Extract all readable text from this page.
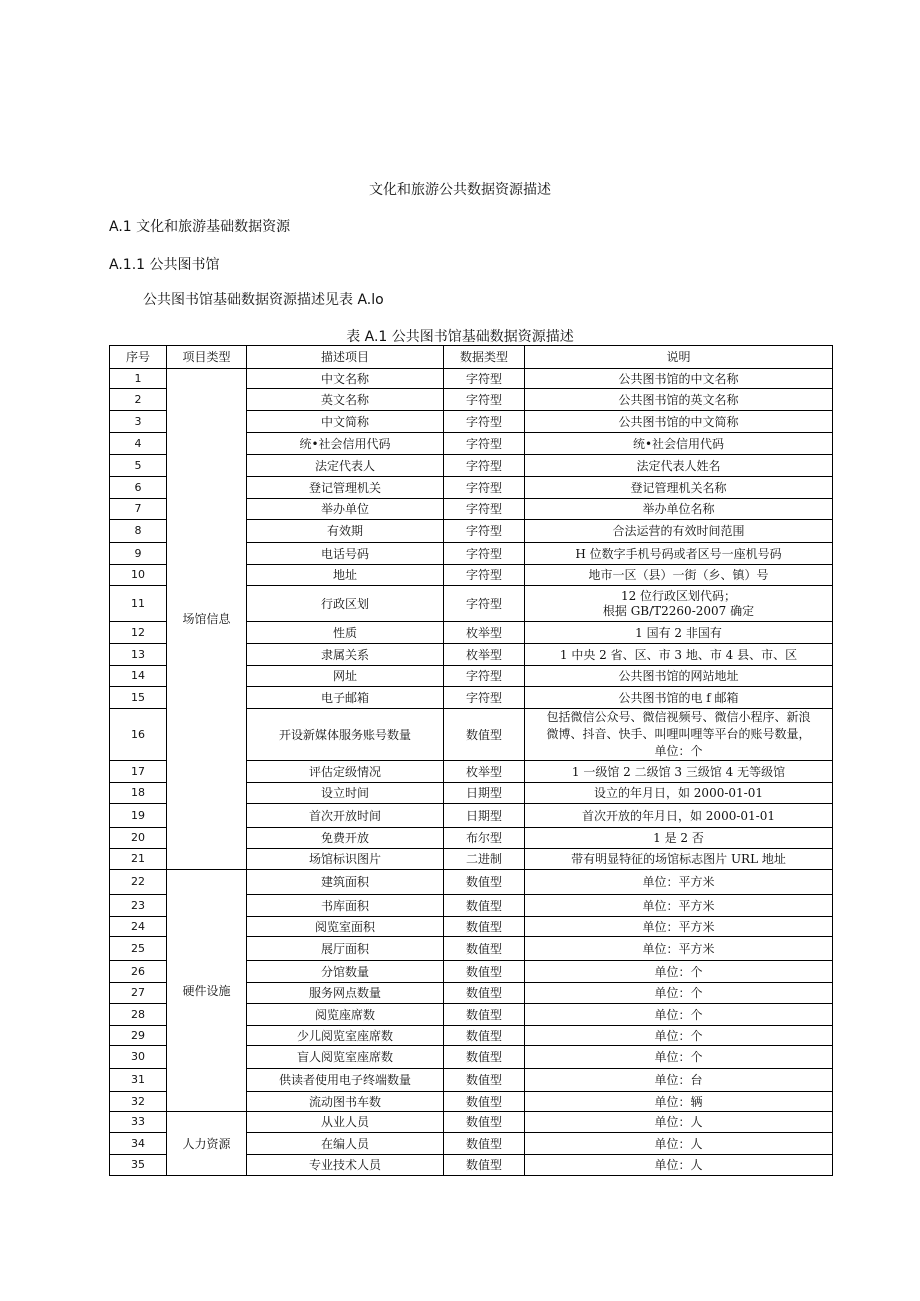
文化和旅游公共数据资源描述
A.1 文化和旅游基础数据资源
A.1.1 公共图书馆
公共图书馆基础数据资源描述见表 A.lo
表 A.1 公共图书馆基础数据资源描述
序号	项目类型	描述项目	数据类型	说明
1	场馆信息	中文名称	字符型	公共图书馆的中文名称
2		英文名称	字符型	公共图书馆的英文名称
3		中文简称	字符型	公共图书馆的中文简称
4		统•社会信用代码	字符型	统•社会信用代码
5		法定代表人	字符型	法定代表人姓名
6		登记管理机关	字符型	登记管理机关名称
7		举办单位	字符型	举办单位名称
8		有效期	字符型	合法运营的有效时间范围
9		电话号码	字符型	H 位数字手机号码或者区号一座机号码
10		地址	字符型	地市一区（县）一街（乡、镇）号
11		行政区划	字符型	12 位行政区划代码；
根据 GB/T2260-2007 确定
12		性质	枚举型	1 国有 2 非国有
13		隶属关系	枚举型	1 中央 2 省、区、市 3 地、市 4 县、市、区
14		网址	字符型	公共图书馆的网站地址
15		电子邮箱	字符型	公共图书馆的电 f 邮箱
16		开设新媒体服务账号数量	数值型	包括微信公众号、微信视频号、微信小程序、新浪
微博、抖音、快手、叫哩叫哩等平台的账号数量，
单位：个
17		评估定级情况	枚举型	1 一级馆 2 二级馆 3 三级馆 4 无等级馆
18		设立时间	日期型	设立的年月日，如 2000-01-01
19		首次开放时间	日期型	首次开放的年月日，如 2000-01-01
20		免费开放	布尔型	1 是 2 否
21		场馆标识图片	二进制	带有明显特征的场馆标志图片 URL 地址
22	硬件设施	建筑面积	数值型	单位：平方米
23		书库面积	数值型	单位：平方米
24		阅览室面积	数值型	单位：平方米
25		展厅面积	数值型	单位：平方米
26		分馆数量	数值型	单位：个
27		服务网点数量	数值型	单位：个
28		阅览座席数	数值型	单位：个
29		少儿阅览室座席数	数值型	单位：个
30		盲人阅览室座席数	数值型	单位：个
31		供读者使用电子终端数量	数值型	单位：台
32		流动图书车数	数值型	单位：辆
33	人力资源	从业人员	数值型	单位：人
34		在编人员	数值型	单位：人
35		专业技术人员	数值型	单位：人
